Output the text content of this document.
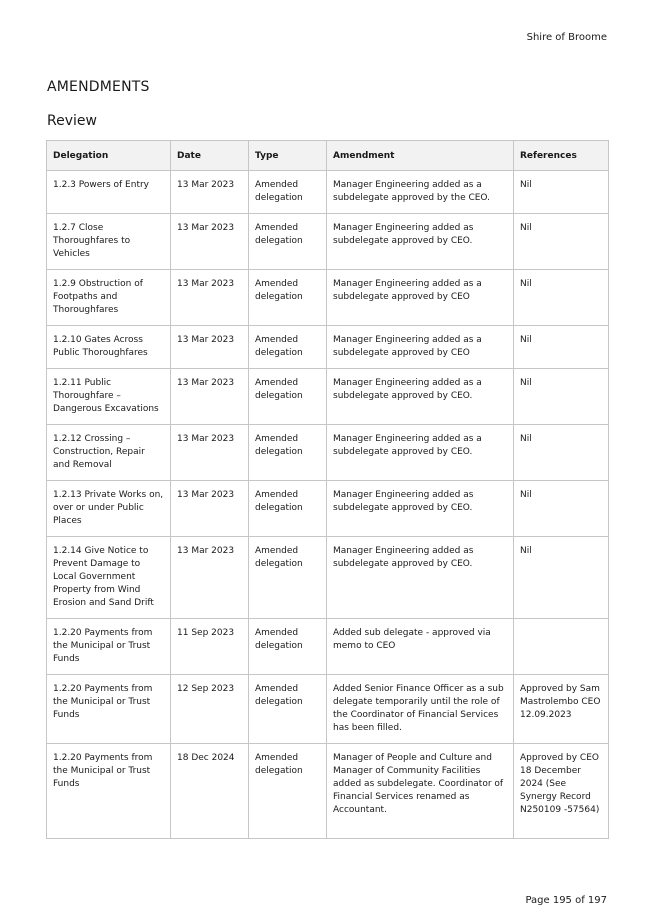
Shire of Broome
AMENDMENTS
Review
Delegation	Date	Type	Amendment	References
1.2.3 Powers of Entry	13 Mar 2023	Amended delegation	Manager Engineering added as a subdelegate approved by the CEO.	Nil
1.2.7 Close Thoroughfares to Vehicles	13 Mar 2023	Amended delegation	Manager Engineering added as subdelegate approved by CEO.	Nil
1.2.9 Obstruction of Footpaths and Thoroughfares	13 Mar 2023	Amended delegation	Manager Engineering added as a subdelegate approved by CEO	Nil
1.2.10 Gates Across Public Thoroughfares	13 Mar 2023	Amended delegation	Manager Engineering added as a subdelegate approved by CEO	Nil
1.2.11 Public Thoroughfare – Dangerous Excavations	13 Mar 2023	Amended delegation	Manager Engineering added as a subdelegate approved by CEO.	Nil
1.2.12 Crossing – Construction, Repair and Removal	13 Mar 2023	Amended delegation	Manager Engineering added as a subdelegate approved by CEO.	Nil
1.2.13 Private Works on, over or under Public Places	13 Mar 2023	Amended delegation	Manager Engineering added as subdelegate approved by CEO.	Nil
1.2.14 Give Notice to Prevent Damage to Local Government Property from Wind Erosion and Sand Drift	13 Mar 2023	Amended delegation	Manager Engineering added as subdelegate approved by CEO.	Nil
1.2.20 Payments from the Municipal or Trust Funds	11 Sep 2023	Amended delegation	Added sub delegate - approved via memo to CEO	
1.2.20 Payments from the Municipal or Trust Funds	12 Sep 2023	Amended delegation	Added Senior Finance Officer as a sub delegate temporarily until the role of the Coordinator of Financial Services has been filled.	Approved by Sam Mastrolembo CEO 12.09.2023
1.2.20 Payments from the Municipal or Trust Funds	18 Dec 2024	Amended delegation	Manager of People and Culture and Manager of Community Facilities added as subdelegate. Coordinator of Financial Services renamed as Accountant.	Approved by CEO 18 December 2024 (See Synergy Record N250109 -57564)
Page 195 of 197
